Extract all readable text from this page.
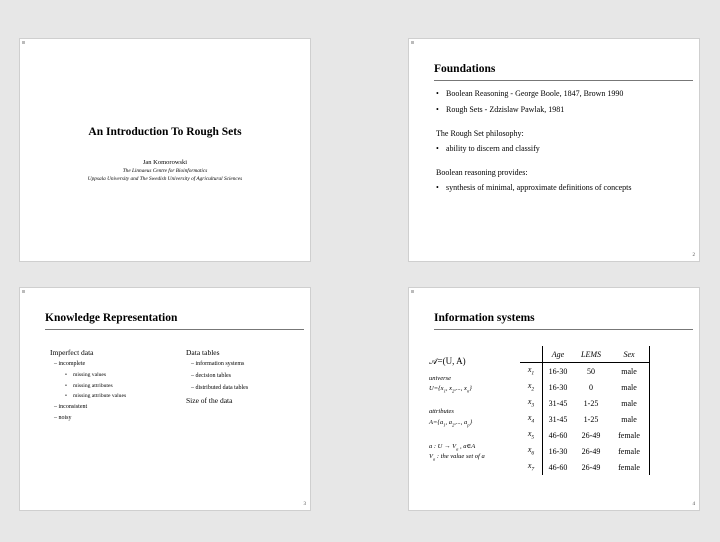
An Introduction To Rough Sets
Jan Komorowski
The Linnaeus Centre for Bioinformatics
Uppsala University and The Swedish University of Agricultural Sciences
Foundations
• Boolean Reasoning - George Boole, 1847, Brown 1990
• Rough Sets - Zdzislaw Pawlak, 1981
The Rough Set philosophy:
• ability to discern and classify
Boolean reasoning provides:
• synthesis of minimal, approximate definitions of concepts
2
Knowledge Representation
Imperfect data
– incomplete
• missing values
• missing attributes
• missing attribute values
– inconsistent
– noisy
Data tables
– information systems
– decision tables
– distributed data tables
Size of the data
3
Information systems
𝒜=(U, A)
universe
$U=\{x_1$, $x_2$,..., $x_n$}
attributes
$A=\{a_1$, $a_2$,..., $a_p$}
a : $U \to V_a$ , a∈A
$V_a$ : the value set of a
	Age	LEMS	Sex
$x_1$	16-30	50	male
$x_2$	16-30	0	male
$x_3$	31-45	1-25	male
$x_4$	31-45	1-25	male
$x_5$	46-60	26-49	female
$x_6$	16-30	26-49	female
$x_7$	46-60	26-49	female
4
